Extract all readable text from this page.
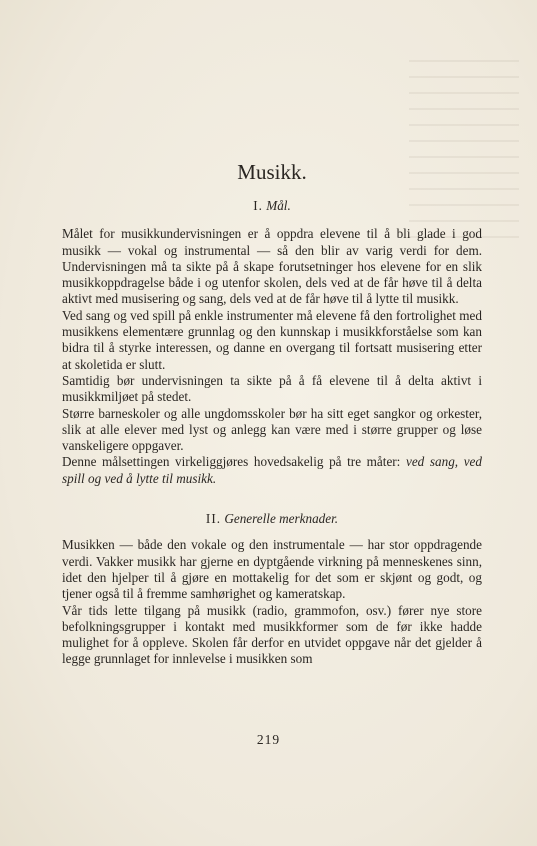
Musikk.
I. Mål.

Målet for musikkundervisningen er å oppdra elevene til å bli glade i god musikk — vokal og instrumental — så den blir av varig verdi for dem. Undervisningen må ta sikte på å skape forutsetninger hos elevene for en slik musikkoppdragelse både i og utenfor skolen, dels ved at de får høve til å delta aktivt med musisering og sang, dels ved at de får høve til å lytte til musikk.

Ved sang og ved spill på enkle instrumenter må elevene få den fortrolighet med musikkens elementære grunnlag og den kunnskap i musikkforståelse som kan bidra til å styrke interessen, og danne en overgang til fortsatt musisering etter at skoletida er slutt.

Samtidig bør undervisningen ta sikte på å få elevene til å delta aktivt i musikkmiljøet på stedet.

Større barneskoler og alle ungdomsskoler bør ha sitt eget sangkor og orkester, slik at alle elever med lyst og anlegg kan være med i større grupper og løse vanskeligere oppgaver.

Denne målsettingen virkeliggjøres hovedsakelig på tre måter: ved sang, ved spill og ved å lytte til musikk.

II. Generelle merknader.

Musikken — både den vokale og den instrumentale — har stor oppdragende verdi. Vakker musikk har gjerne en dyptgående virkning på menneskenes sinn, idet den hjelper til å gjøre en mottakelig for det som er skjønt og godt, og tjener også til å fremme samhørighet og kameratskap.

Vår tids lette tilgang på musikk (radio, grammofon, osv.) fører nye store befolkningsgrupper i kontakt med musikkformer som de før ikke hadde mulighet for å oppleve. Skolen får derfor en utvidet oppgave når det gjelder å legge grunnlaget for innlevelse i musikken som

219
